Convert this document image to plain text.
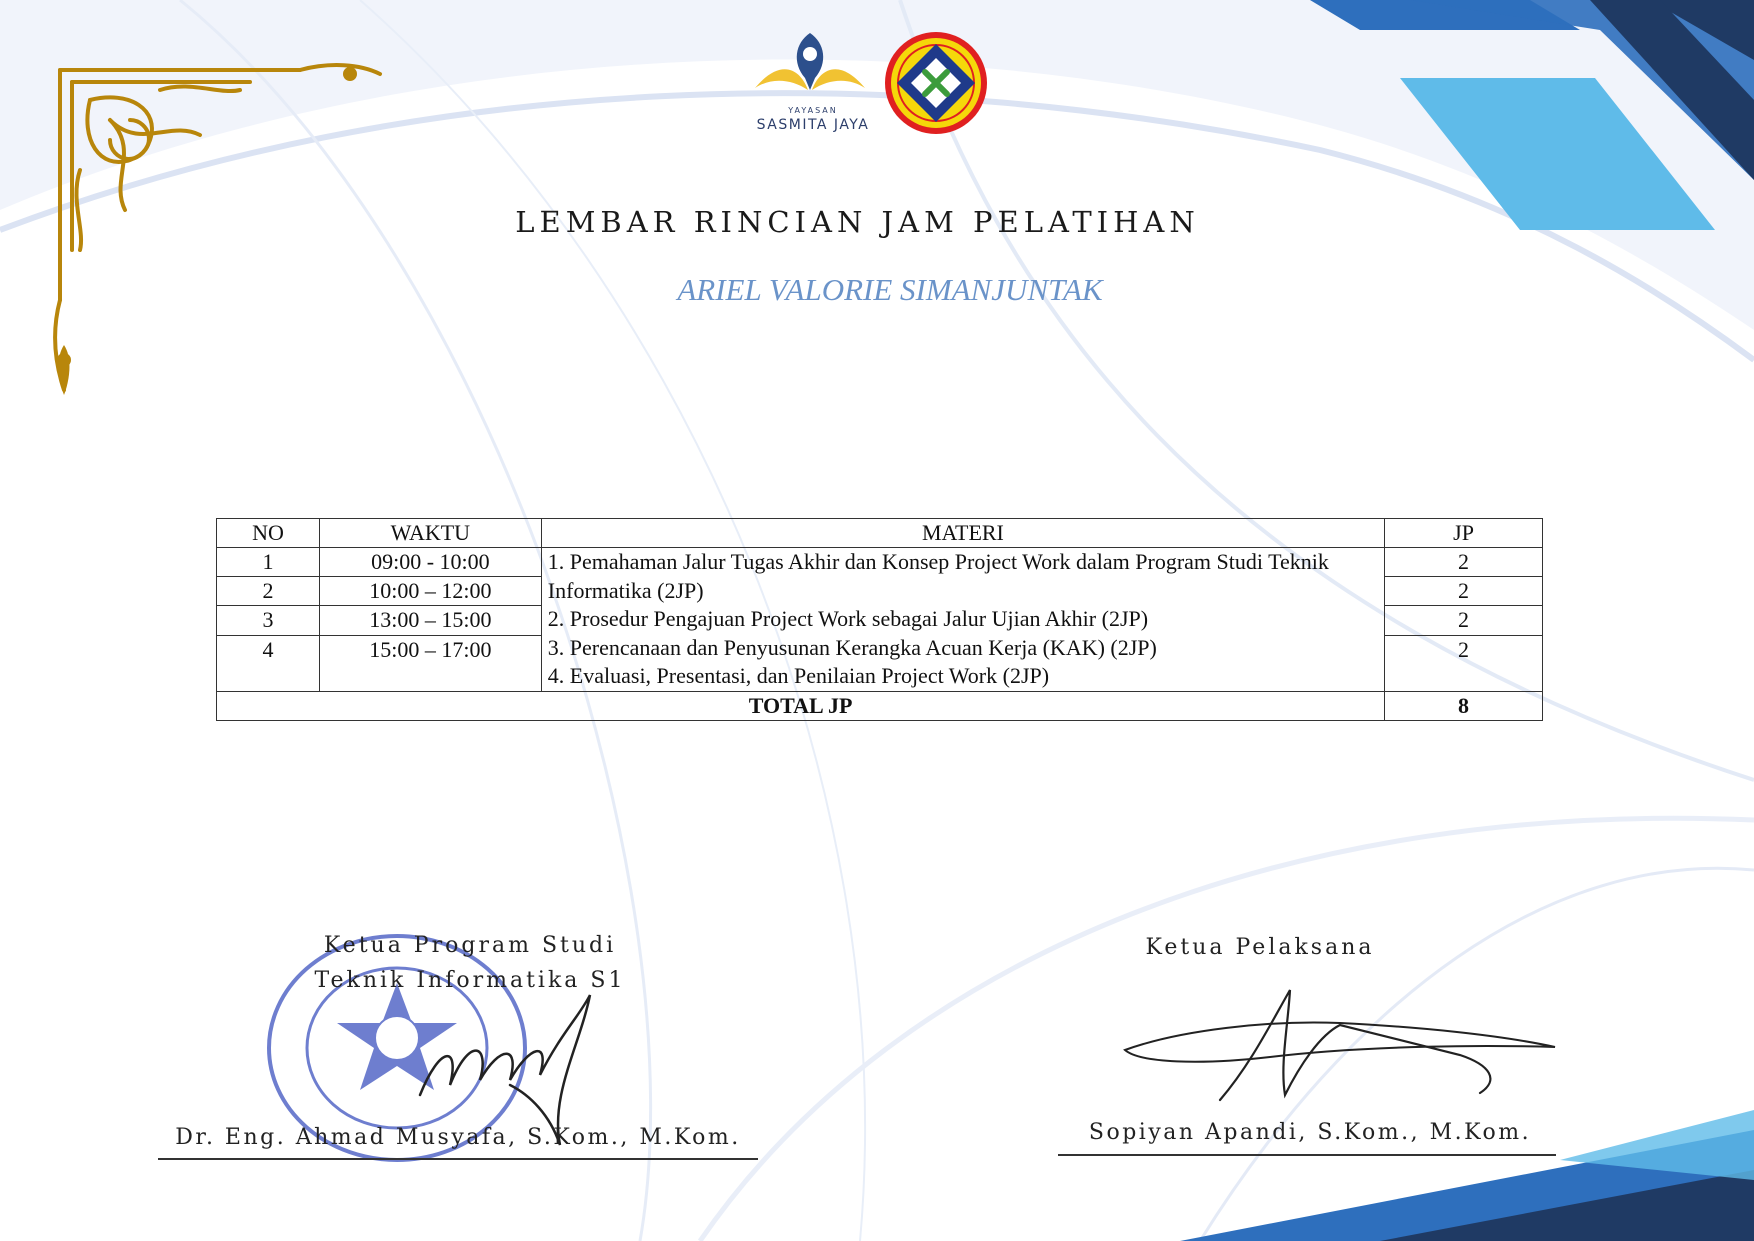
YAYASAN
SASMITA JAYA
LEMBAR RINCIAN JAM PELATIHAN
ARIEL VALORIE SIMANJUNTAK
NO	WAKTU	MATERI	JP
1	09:00 - 10:00	1. Pemahaman Jalur Tugas Akhir dan Konsep Project Work dalam Program Studi Teknik Informatika (2JP)
2. Prosedur Pengajuan Project Work sebagai Jalur Ujian Akhir (2JP)
3. Perencanaan dan Penyusunan Kerangka Acuan Kerja (KAK) (2JP)
4. Evaluasi, Presentasi, dan Penilaian Project Work (2JP)	2
2	10:00 – 12:00		2
3	13:00 – 15:00		2
4	15:00 – 17:00		2
TOTAL JP			8
Ketua Program Studi
Teknik Informatika S1
Dr. Eng. Ahmad Musyafa, S.Kom., M.Kom.
Ketua Pelaksana
Sopiyan Apandi, S.Kom., M.Kom.
